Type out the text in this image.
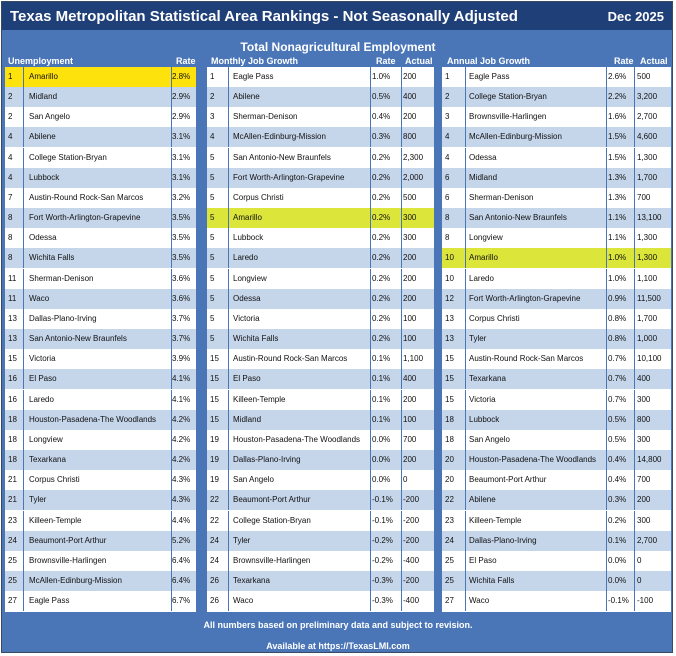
Texas Metropolitan Statistical Area Rankings - Not Seasonally Adjusted	Dec 2025
Total Nonagricultural Employment
Unemployment	Rate Monthly Job Growth	Rate Actual Annual Job Growth	Rate Actual
1	Amarillo	2.8%
2	Midland	2.9%
2	San Angelo	2.9%
4	Abilene	3.1%
4	College Station-Bryan	3.1%
4	Lubbock	3.1%
7	Austin-Round Rock-San Marcos	3.2%
8	Fort Worth-Arlington-Grapevine	3.5%
8	Odessa	3.5%
8	Wichita Falls	3.5%
11	Sherman-Denison	3.6%
11	Waco	3.6%
13	Dallas-Plano-Irving	3.7%
13	San Antonio-New Braunfels	3.7%
15	Victoria	3.9%
16	El Paso	4.1%
16	Laredo	4.1%
18	Houston-Pasadena-The Woodlands	4.2%
18	Longview	4.2%
18	Texarkana	4.2%
21	Corpus Christi	4.3%
21	Tyler	4.3%
23	Killeen-Temple	4.4%
24	Beaumont-Port Arthur	5.2%
25	Brownsville-Harlingen	6.4%
25	McAllen-Edinburg-Mission	6.4%
27	Eagle Pass	6.7%
1	Eagle Pass	1.0%	200
2	Abilene	0.5%	400
3	Sherman-Denison	0.4%	200
4	McAllen-Edinburg-Mission	0.3%	800
5	San Antonio-New Braunfels	0.2%	2,300
5	Fort Worth-Arlington-Grapevine	0.2%	2,000
5	Corpus Christi	0.2%	500
5	Amarillo	0.2%	300
5	Lubbock	0.2%	300
5	Laredo	0.2%	200
5	Longview	0.2%	200
5	Odessa	0.2%	200
5	Victoria	0.2%	100
5	Wichita Falls	0.2%	100
15	Austin-Round Rock-San Marcos	0.1%	1,100
15	El Paso	0.1%	400
15	Killeen-Temple	0.1%	200
15	Midland	0.1%	100
19	Houston-Pasadena-The Woodlands	0.0%	700
19	Dallas-Plano-Irving	0.0%	200
19	San Angelo	0.0%	0
22	Beaumont-Port Arthur	-0.1%	-200
22	College Station-Bryan	-0.1%	-200
24	Tyler	-0.2%	-200
24	Brownsville-Harlingen	-0.2%	-400
26	Texarkana	-0.3%	-200
26	Waco	-0.3%	-400
1	Eagle Pass	2.6%	500
2	College Station-Bryan	2.2%	3,200
3	Brownsville-Harlingen	1.6%	2,700
4	McAllen-Edinburg-Mission	1.5%	4,600
4	Odessa	1.5%	1,300
6	Midland	1.3%	1,700
6	Sherman-Denison	1.3%	700
8	San Antonio-New Braunfels	1.1%	13,100
8	Longview	1.1%	1,300
10	Amarillo	1.0%	1,300
10	Laredo	1.0%	1,100
12	Fort Worth-Arlington-Grapevine	0.9%	11,500
13	Corpus Christi	0.8%	1,700
13	Tyler	0.8%	1,000
15	Austin-Round Rock-San Marcos	0.7%	10,100
15	Texarkana	0.7%	400
15	Victoria	0.7%	300
18	Lubbock	0.5%	800
18	San Angelo	0.5%	300
20	Houston-Pasadena-The Woodlands	0.4%	14,800
20	Beaumont-Port Arthur	0.4%	700
22	Abilene	0.3%	200
23	Killeen-Temple	0.2%	300
24	Dallas-Plano-Irving	0.1%	2,700
25	El Paso	0.0%	0
25	Wichita Falls	0.0%	0
27	Waco	-0.1%	-100
All numbers based on preliminary data and subject to revision.
Available at https://TexasLMI.com
